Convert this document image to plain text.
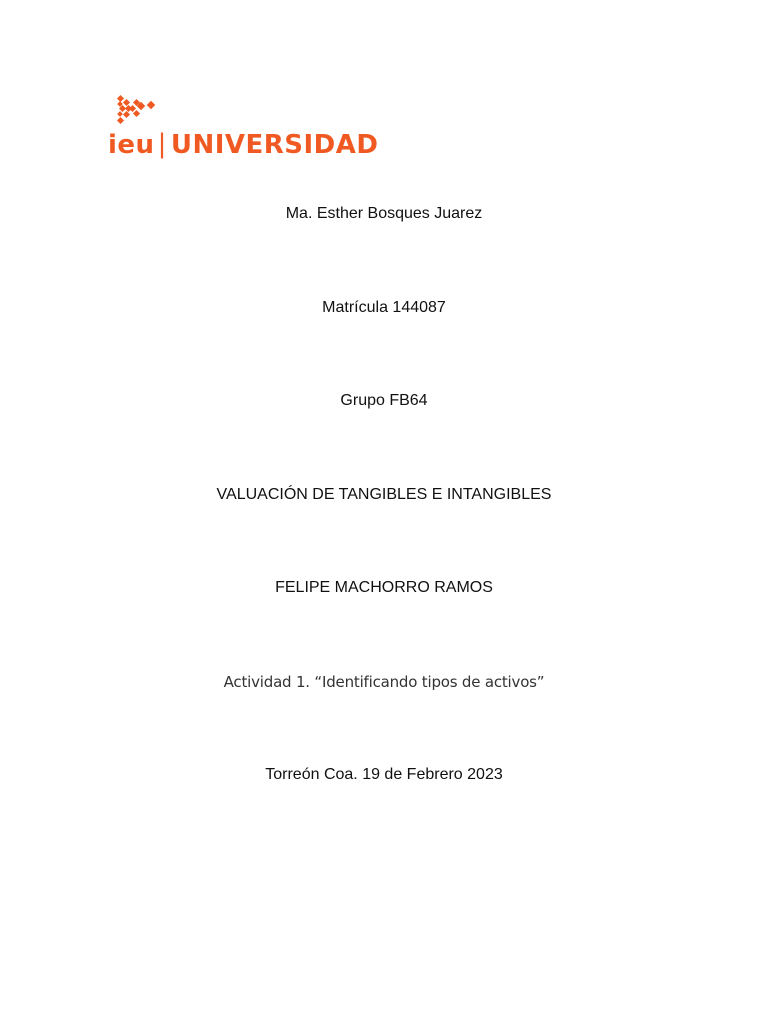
ieu | UNIVERSIDAD
Ma. Esther Bosques Juarez
Matrícula 144087
Grupo FB64
VALUACIÓN DE TANGIBLES E INTANGIBLES
FELIPE MACHORRO RAMOS
Actividad 1. “Identificando tipos de activos”
Torreón Coa. 19 de Febrero 2023
